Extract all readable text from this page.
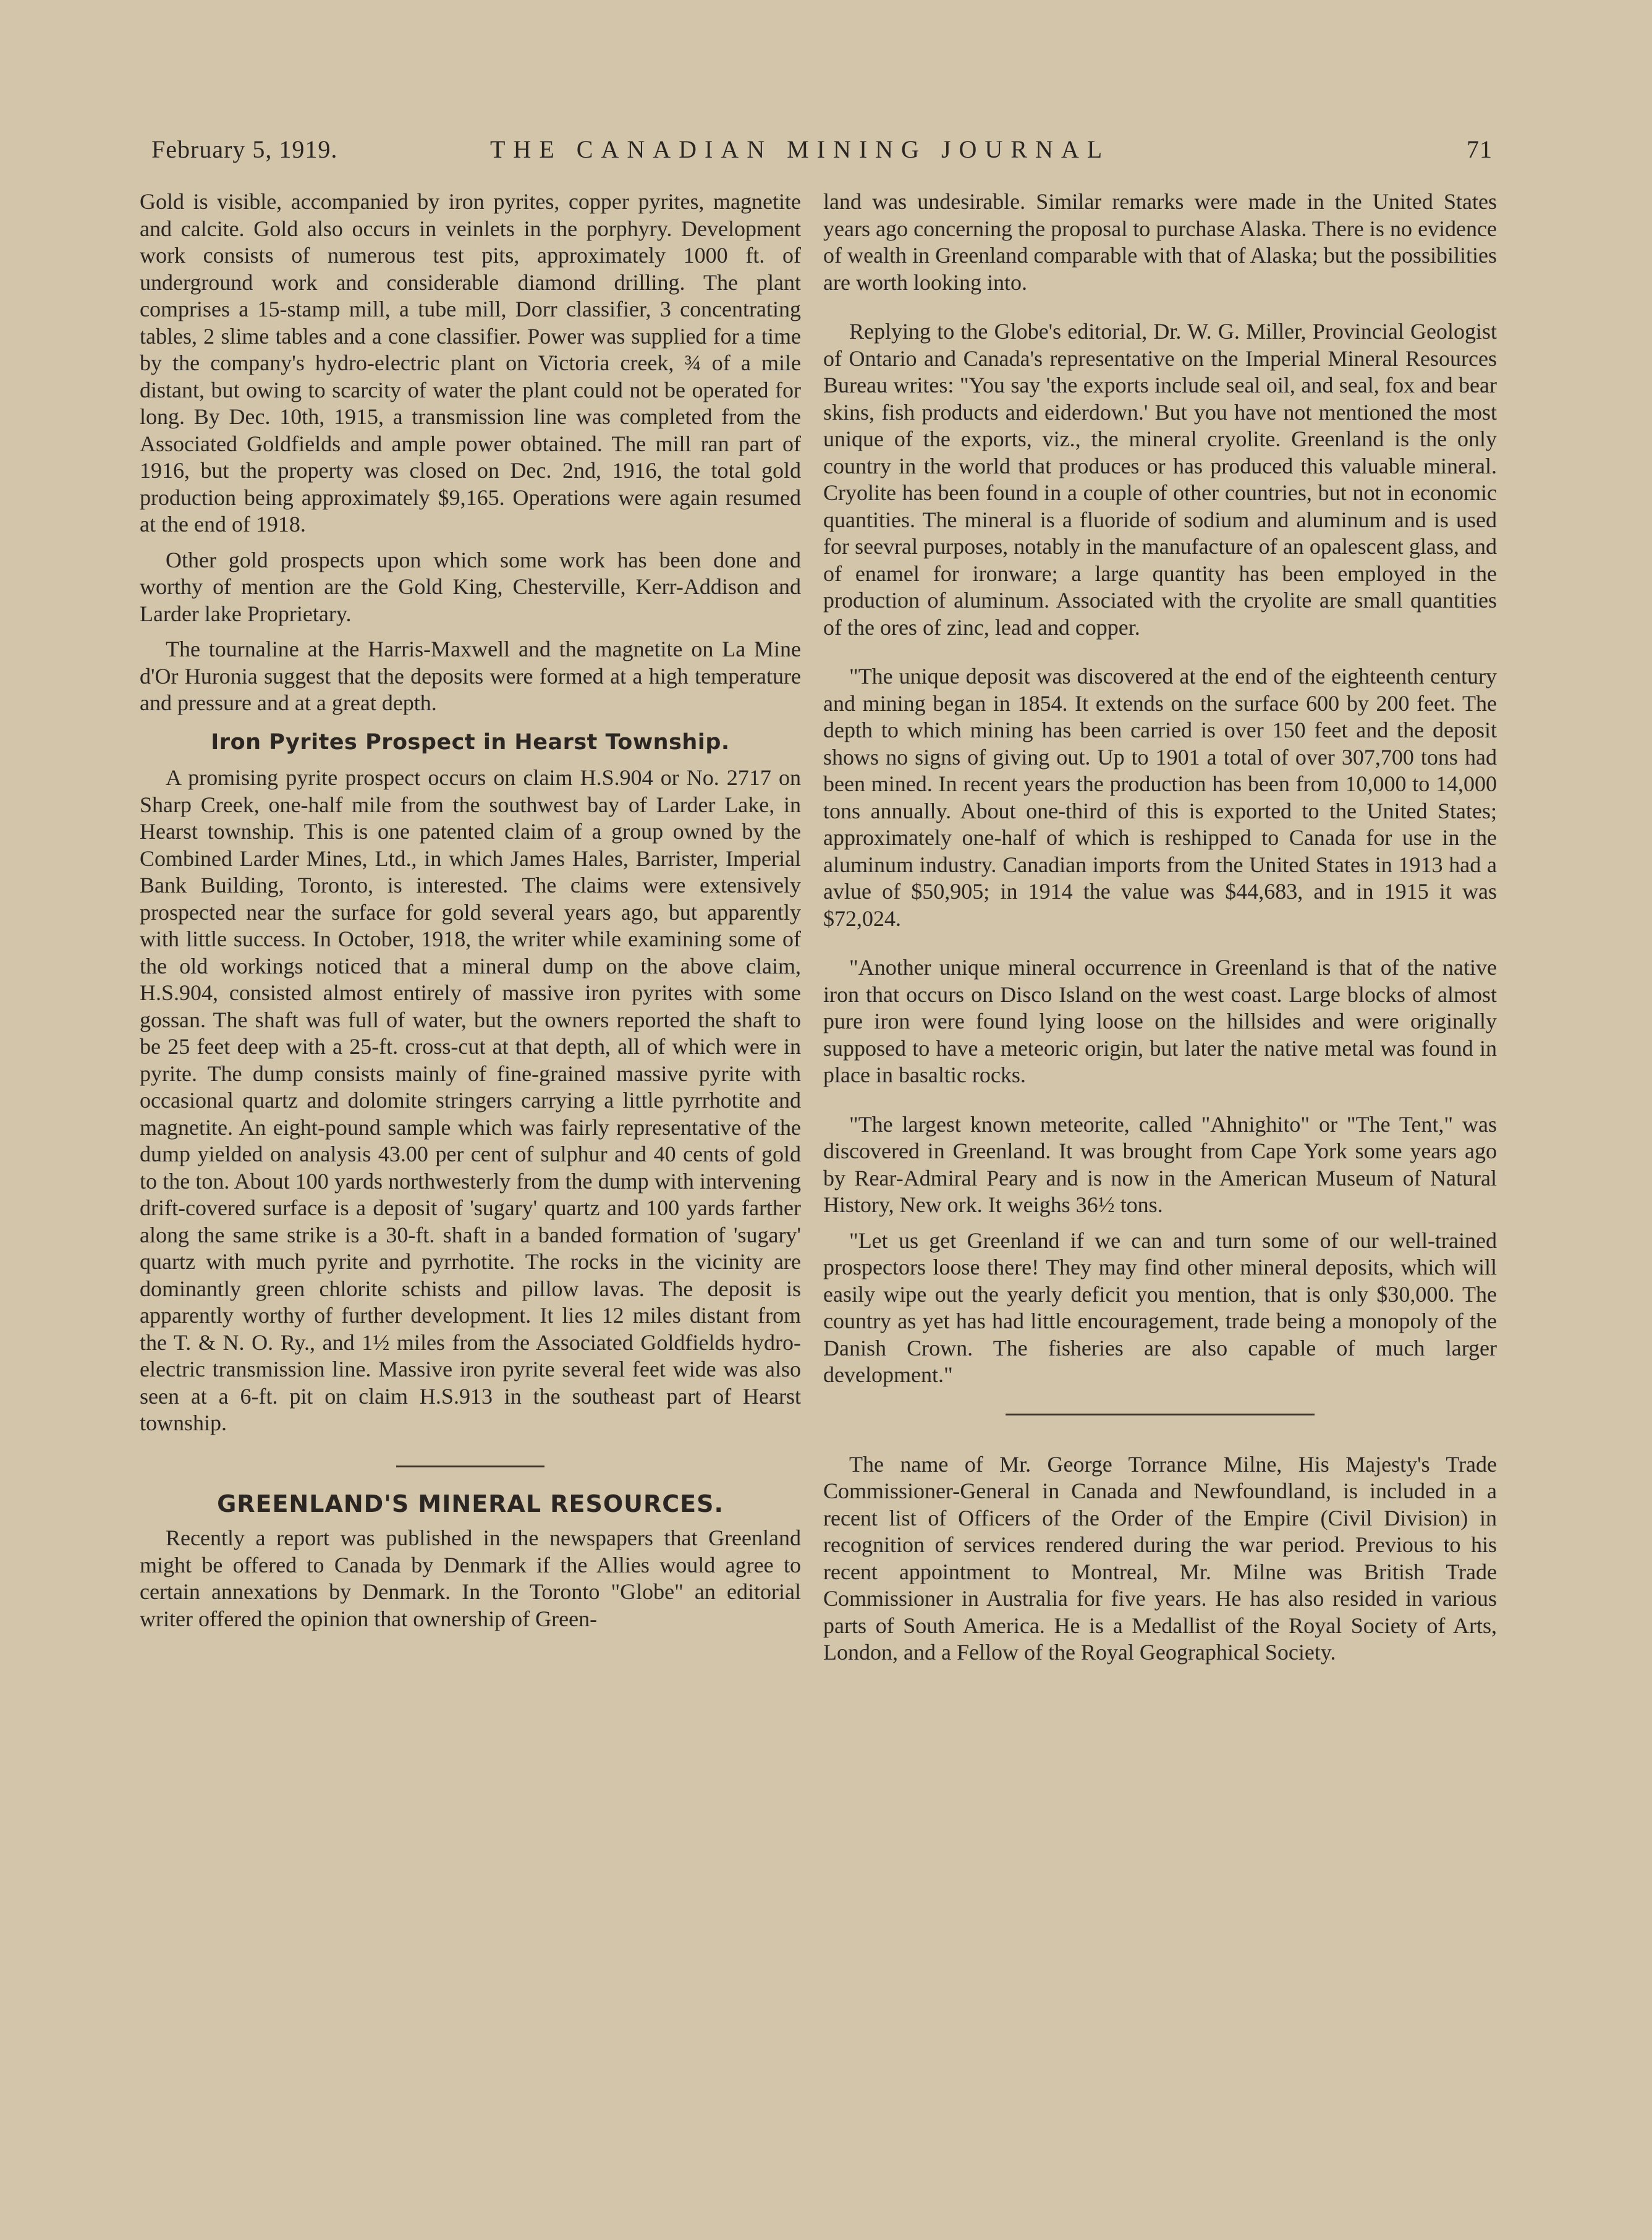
February 5, 1919.	THE CANADIAN MINING JOURNAL	71

Gold is visible, accompanied by iron pyrites, copper pyrites, magnetite and calcite. Gold also occurs in veinlets in the porphyry. Development work consists of numerous test pits, approximately 1000 ft. of underground work and considerable diamond drilling. The plant comprises a 15-stamp mill, a tube mill, Dorr classifier, 3 concentrating tables, 2 slime tables and a cone classifier. Power was supplied for a time by the company's hydro-electric plant on Victoria creek, ¾ of a mile distant, but owing to scarcity of water the plant could not be operated for long. By Dec. 10th, 1915, a transmission line was completed from the Associated Goldfields and ample power obtained. The mill ran part of 1916, but the property was closed on Dec. 2nd, 1916, the total gold production being approximately $9,165. Operations were again resumed at the end of 1918.

Other gold prospects upon which some work has been done and worthy of mention are the Gold King, Chesterville, Kerr-Addison and Larder lake Proprietary.

The tournaline at the Harris-Maxwell and the magnetite on La Mine d'Or Huronia suggest that the deposits were formed at a high temperature and pressure and at a great depth.

Iron Pyrites Prospect in Hearst Township.

A promising pyrite prospect occurs on claim H.S.904 or No. 2717 on Sharp Creek, one-half mile from the southwest bay of Larder Lake, in Hearst township. This is one patented claim of a group owned by the Combined Larder Mines, Ltd., in which James Hales, Barrister, Imperial Bank Building, Toronto, is interested. The claims were extensively prospected near the surface for gold several years ago, but apparently with little success. In October, 1918, the writer while examining some of the old workings noticed that a mineral dump on the above claim, H.S.904, consisted almost entirely of massive iron pyrites with some gossan. The shaft was full of water, but the owners reported the shaft to be 25 feet deep with a 25-ft. cross-cut at that depth, all of which were in pyrite. The dump consists mainly of fine-grained massive pyrite with occasional quartz and dolomite stringers carrying a little pyrrhotite and magnetite. An eight-pound sample which was fairly representative of the dump yielded on analysis 43.00 per cent of sulphur and 40 cents of gold to the ton. About 100 yards northwesterly from the dump with intervening drift-covered surface is a deposit of 'sugary' quartz and 100 yards farther along the same strike is a 30-ft. shaft in a banded formation of 'sugary' quartz with much pyrite and pyrrhotite. The rocks in the vicinity are dominantly green chlorite schists and pillow lavas. The deposit is apparently worthy of further development. It lies 12 miles distant from the T. & N. O. Ry., and 1½ miles from the Associated Goldfields hydro-electric transmission line. Massive iron pyrite several feet wide was also seen at a 6-ft. pit on claim H.S.913 in the southeast part of Hearst township.

GREENLAND'S MINERAL RESOURCES.

Recently a report was published in the newspapers that Greenland might be offered to Canada by Denmark if the Allies would agree to certain annexations by Denmark. In the Toronto "Globe" an editorial writer offered the opinion that ownership of Green-

land was undesirable. Similar remarks were made in the United States years ago concerning the proposal to purchase Alaska. There is no evidence of wealth in Greenland comparable with that of Alaska; but the possibilities are worth looking into.

Replying to the Globe's editorial, Dr. W. G. Miller, Provincial Geologist of Ontario and Canada's representative on the Imperial Mineral Resources Bureau writes: "You say 'the exports include seal oil, and seal, fox and bear skins, fish products and eiderdown.' But you have not mentioned the most unique of the exports, viz., the mineral cryolite. Greenland is the only country in the world that produces or has produced this valuable mineral. Cryolite has been found in a couple of other countries, but not in economic quantities. The mineral is a fluoride of sodium and aluminum and is used for seevral purposes, notably in the manufacture of an opalescent glass, and of enamel for ironware; a large quantity has been employed in the production of aluminum. Associated with the cryolite are small quantities of the ores of zinc, lead and copper.

"The unique deposit was discovered at the end of the eighteenth century and mining began in 1854. It extends on the surface 600 by 200 feet. The depth to which mining has been carried is over 150 feet and the deposit shows no signs of giving out. Up to 1901 a total of over 307,700 tons had been mined. In recent years the production has been from 10,000 to 14,000 tons annually. About one-third of this is exported to the United States; approximately one-half of which is reshipped to Canada for use in the aluminum industry. Canadian imports from the United States in 1913 had a avlue of $50,905; in 1914 the value was $44,683, and in 1915 it was $72,024.

"Another unique mineral occurrence in Greenland is that of the native iron that occurs on Disco Island on the west coast. Large blocks of almost pure iron were found lying loose on the hillsides and were originally supposed to have a meteoric origin, but later the native metal was found in place in basaltic rocks.

"The largest known meteorite, called "Ahnighito" or "The Tent," was discovered in Greenland. It was brought from Cape York some years ago by Rear-Admiral Peary and is now in the American Museum of Natural History, New ork. It weighs 36½ tons.

"Let us get Greenland if we can and turn some of our well-trained prospectors loose there! They may find other mineral deposits, which will easily wipe out the yearly deficit you mention, that is only $30,000. The country as yet has had little encouragement, trade being a monopoly of the Danish Crown. The fisheries are also capable of much larger development."

The name of Mr. George Torrance Milne, His Majesty's Trade Commissioner-General in Canada and Newfoundland, is included in a recent list of Officers of the Order of the Empire (Civil Division) in recognition of services rendered during the war period. Previous to his recent appointment to Montreal, Mr. Milne was British Trade Commissioner in Australia for five years. He has also resided in various parts of South America. He is a Medallist of the Royal Society of Arts, London, and a Fellow of the Royal Geographical Society.
